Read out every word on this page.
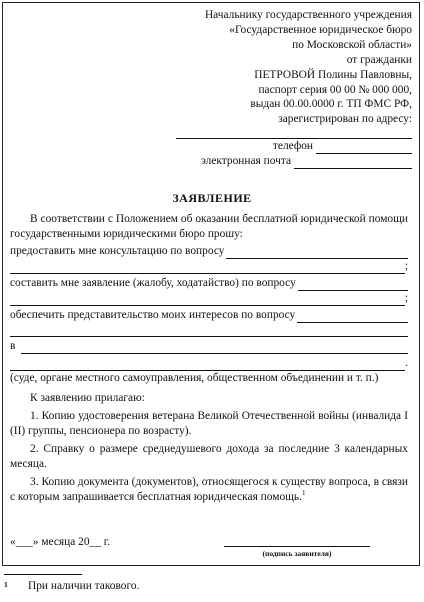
Начальнику государственного учреждения
«Государственное юридическое бюро
по Московской области»
от гражданки
ПЕТРОВОЙ Полины Павловны,
паспорт серия 00 00 № 000 000,
выдан 00.00.0000 г. ТП ФМС РФ,
зарегистрирован по адресу:
телефон
электронная почта
ЗАЯВЛЕНИЕ
В соответствии с Положением об оказании бесплатной юридической помощи государственными юридическими бюро прошу:
предоставить мне консультацию по вопросу
;
составить мне заявление (жалобу, ходатайство) по вопросу
;
обеспечить представительство моих интересов по вопросу
в
.
(суде, органе местного самоуправления, общественном объединении и т. п.)
К заявлению прилагаю:
1. Копию удостоверения ветерана Великой Отечественной войны (инвалида I (II) группы, пенсионера по возрасту).
2. Справку о размере среднедушевого дохода за последние 3 календарных месяца.
3. Копию документа (документов), относящегося к существу вопроса, в связи с которым запрашивается бесплатная юридическая помощь.$^1$
«___» месяца 20__ г.
(подпись заявителя)
1 При наличии такового.
